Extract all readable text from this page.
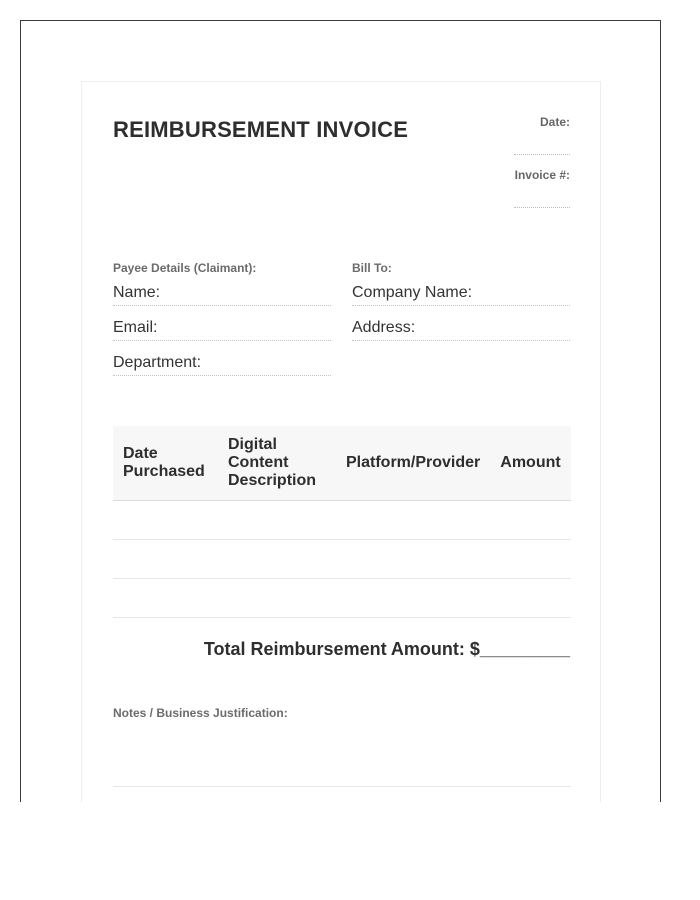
REIMBURSEMENT INVOICE	Date:
Invoice #:
Payee Details (Claimant):	Bill To:
Name:
Email:
Department:
Company Name:
Address:
Date Purchased	Digital Content Description	Platform/Provider	Amount

Total Reimbursement Amount: $_________
Notes / Business Justification:
